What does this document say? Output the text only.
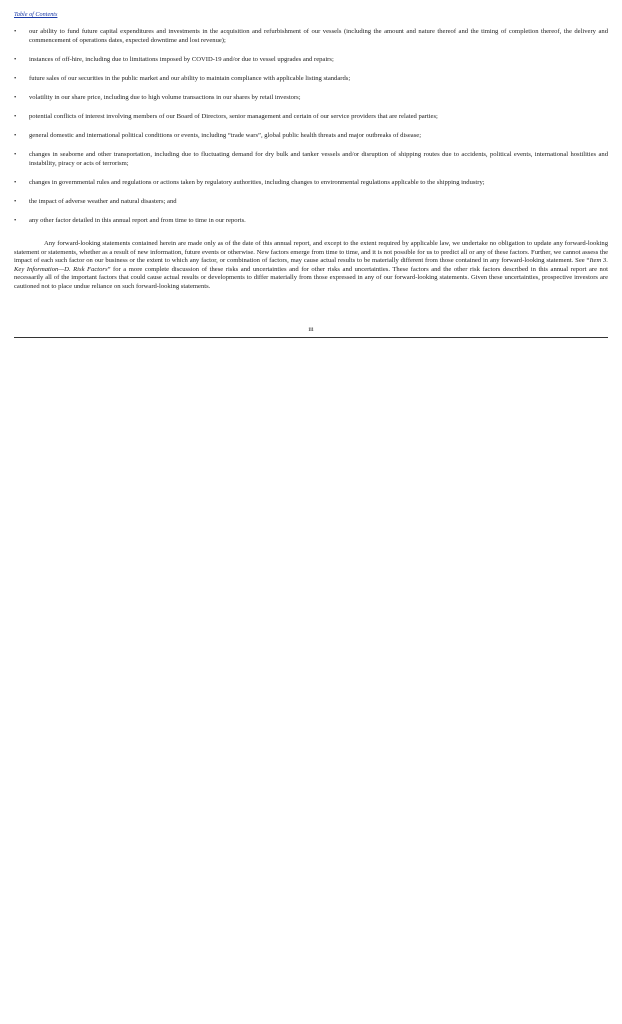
Table of Contents
• our ability to fund future capital expenditures and investments in the acquisition and refurbishment of our vessels (including the amount and nature thereof and the timing of completion thereof, the delivery and commencement of operations dates, expected downtime and lost revenue);
• instances of off-hire, including due to limitations imposed by COVID-19 and/or due to vessel upgrades and repairs;
• future sales of our securities in the public market and our ability to maintain compliance with applicable listing standards;
• volatility in our share price, including due to high volume transactions in our shares by retail investors;
• potential conflicts of interest involving members of our Board of Directors, senior management and certain of our service providers that are related parties;
• general domestic and international political conditions or events, including “trade wars”, global public health threats and major outbreaks of disease;
• changes in seaborne and other transportation, including due to fluctuating demand for dry bulk and tanker vessels and/or disruption of shipping routes due to accidents, political events, international hostilities and instability, piracy or acts of terrorism;
• changes in governmental rules and regulations or actions taken by regulatory authorities, including changes to environmental regulations applicable to the shipping industry;
• the impact of adverse weather and natural disasters; and
• any other factor detailed in this annual report and from time to time in our reports.

Any forward-looking statements contained herein are made only as of the date of this annual report, and except to the extent required by applicable law, we undertake no obligation to update any forward-looking statement or statements, whether as a result of new information, future events or otherwise. New factors emerge from time to time, and it is not possible for us to predict all or any of these factors. Further, we cannot assess the impact of each such factor on our business or the extent to which any factor, or combination of factors, may cause actual results to be materially different from those contained in any forward-looking statement. See “Item 3. Key Information—D. Risk Factors” for a more complete discussion of these risks and uncertainties and for other risks and uncertainties. These factors and the other risk factors described in this annual report are not necessarily all of the important factors that could cause actual results or developments to differ materially from those expressed in any of our forward-looking statements. Given these uncertainties, prospective investors are cautioned not to place undue reliance on such forward-looking statements.

iii
